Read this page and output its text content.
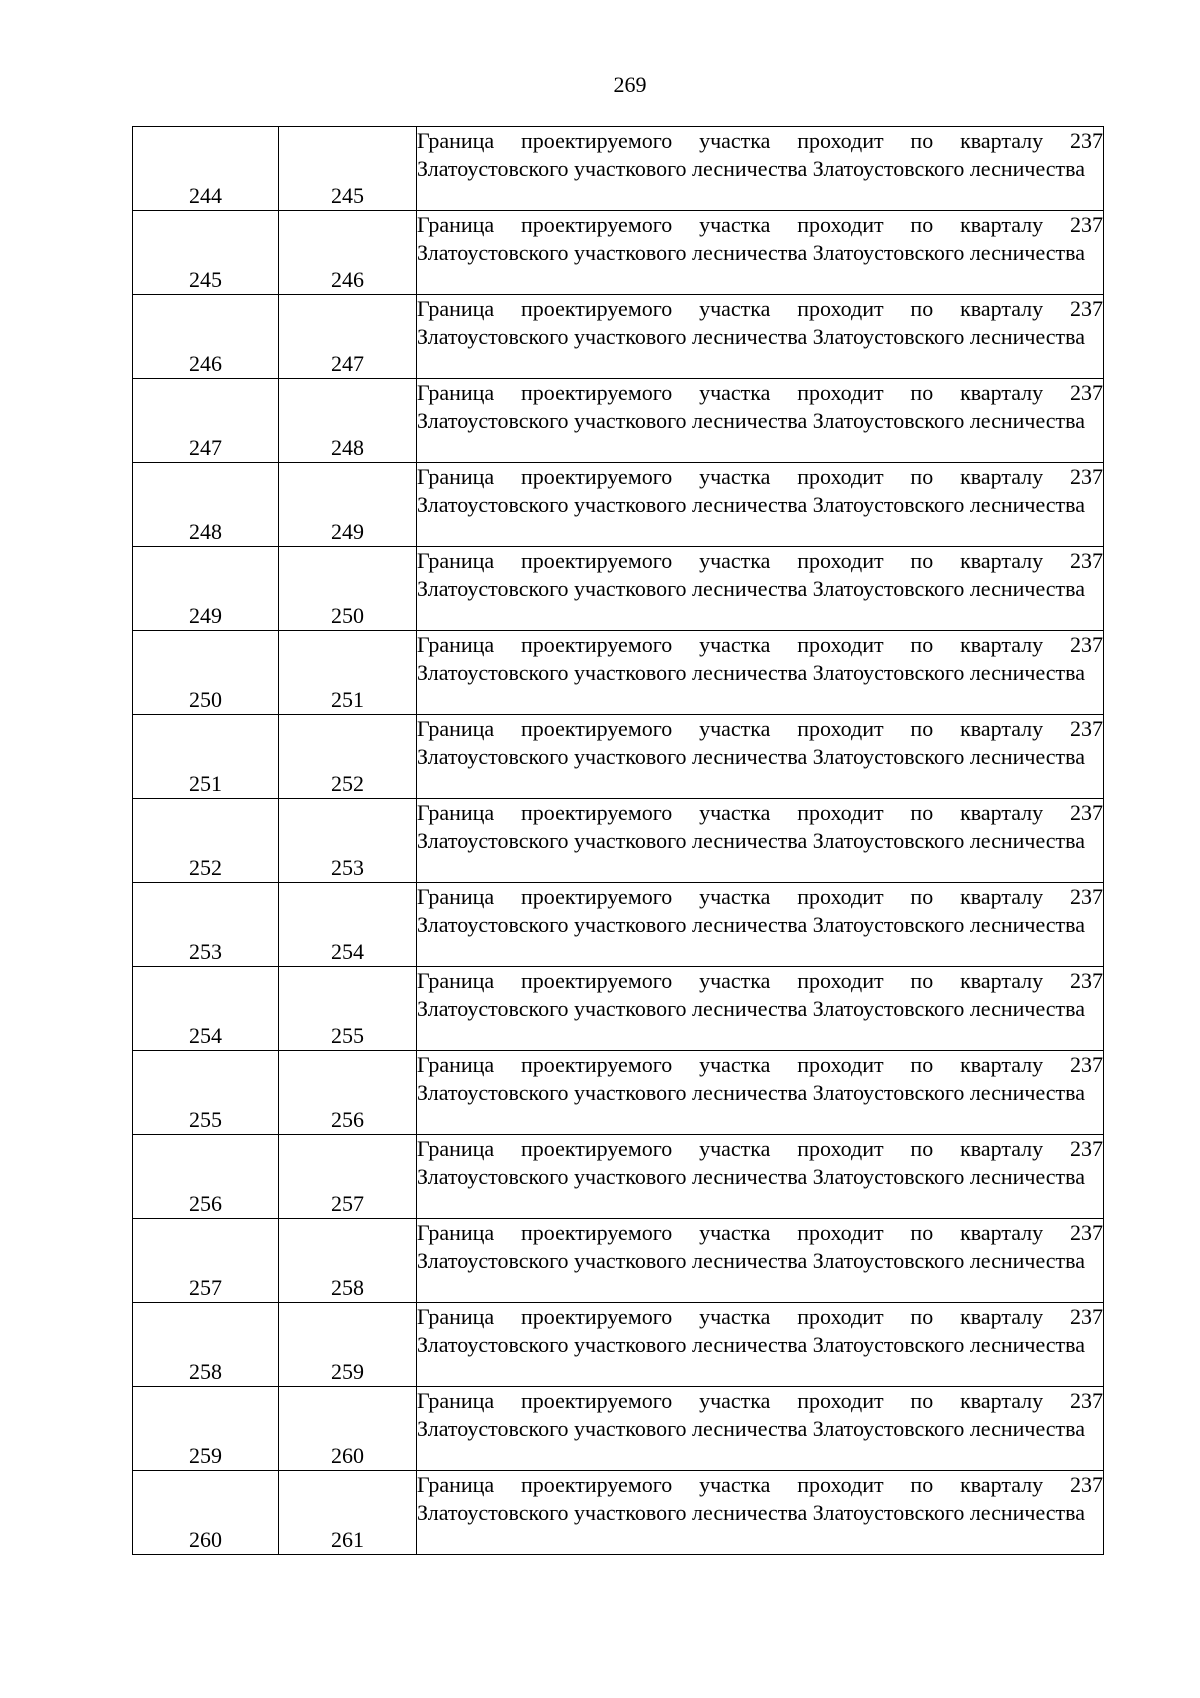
269
244	245	Граница проектируемого участка проходит по кварталу 237 Златоустовского участкового лесничества Златоустовского лесничества
245	246	Граница проектируемого участка проходит по кварталу 237 Златоустовского участкового лесничества Златоустовского лесничества
246	247	Граница проектируемого участка проходит по кварталу 237 Златоустовского участкового лесничества Златоустовского лесничества
247	248	Граница проектируемого участка проходит по кварталу 237 Златоустовского участкового лесничества Златоустовского лесничества
248	249	Граница проектируемого участка проходит по кварталу 237 Златоустовского участкового лесничества Златоустовского лесничества
249	250	Граница проектируемого участка проходит по кварталу 237 Златоустовского участкового лесничества Златоустовского лесничества
250	251	Граница проектируемого участка проходит по кварталу 237 Златоустовского участкового лесничества Златоустовского лесничества
251	252	Граница проектируемого участка проходит по кварталу 237 Златоустовского участкового лесничества Златоустовского лесничества
252	253	Граница проектируемого участка проходит по кварталу 237 Златоустовского участкового лесничества Златоустовского лесничества
253	254	Граница проектируемого участка проходит по кварталу 237 Златоустовского участкового лесничества Златоустовского лесничества
254	255	Граница проектируемого участка проходит по кварталу 237 Златоустовского участкового лесничества Златоустовского лесничества
255	256	Граница проектируемого участка проходит по кварталу 237 Златоустовского участкового лесничества Златоустовского лесничества
256	257	Граница проектируемого участка проходит по кварталу 237 Златоустовского участкового лесничества Златоустовского лесничества
257	258	Граница проектируемого участка проходит по кварталу 237 Златоустовского участкового лесничества Златоустовского лесничества
258	259	Граница проектируемого участка проходит по кварталу 237 Златоустовского участкового лесничества Златоустовского лесничества
259	260	Граница проектируемого участка проходит по кварталу 237 Златоустовского участкового лесничества Златоустовского лесничества
260	261	Граница проектируемого участка проходит по кварталу 237 Златоустовского участкового лесничества Златоустовского лесничества
